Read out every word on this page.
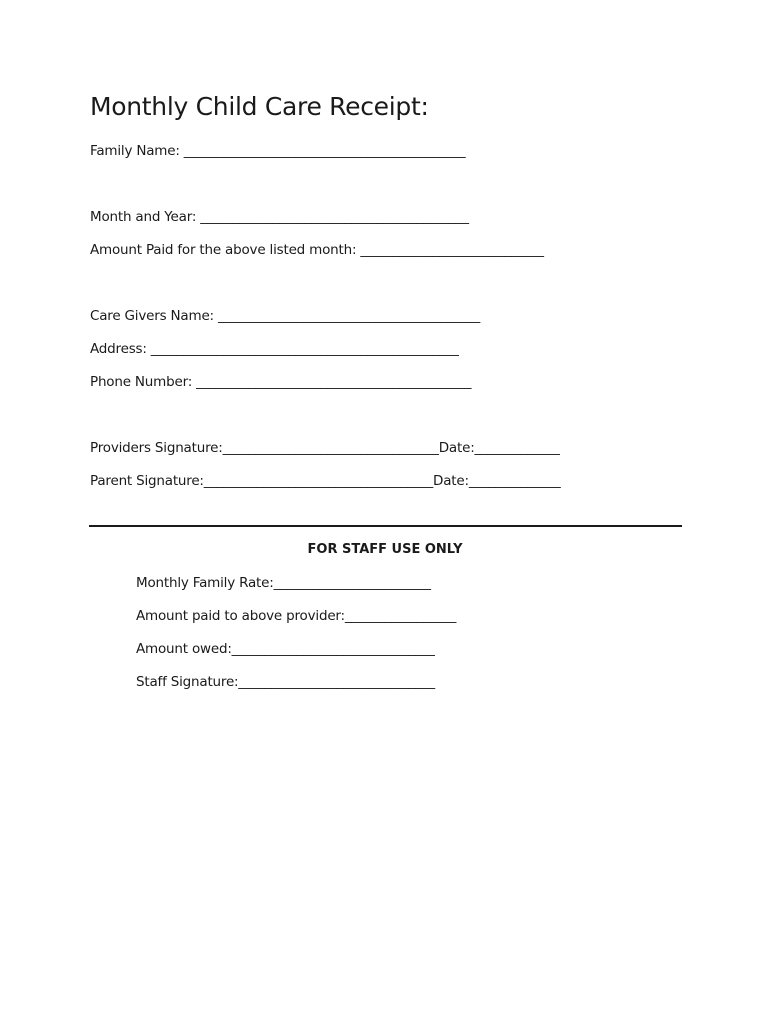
Monthly Child Care Receipt:
Family Name: ___________________________________________
Month and Year: _________________________________________
Amount Paid for the above listed month: ____________________________
Care Givers Name: ________________________________________
Address: _______________________________________________
Phone Number: __________________________________________
Providers Signature:_________________________________Date:_____________
Parent Signature:___________________________________Date:______________
FOR STAFF USE ONLY
Monthly Family Rate:________________________
Amount paid to above provider:_________________
Amount owed:_______________________________
Staff Signature:______________________________
